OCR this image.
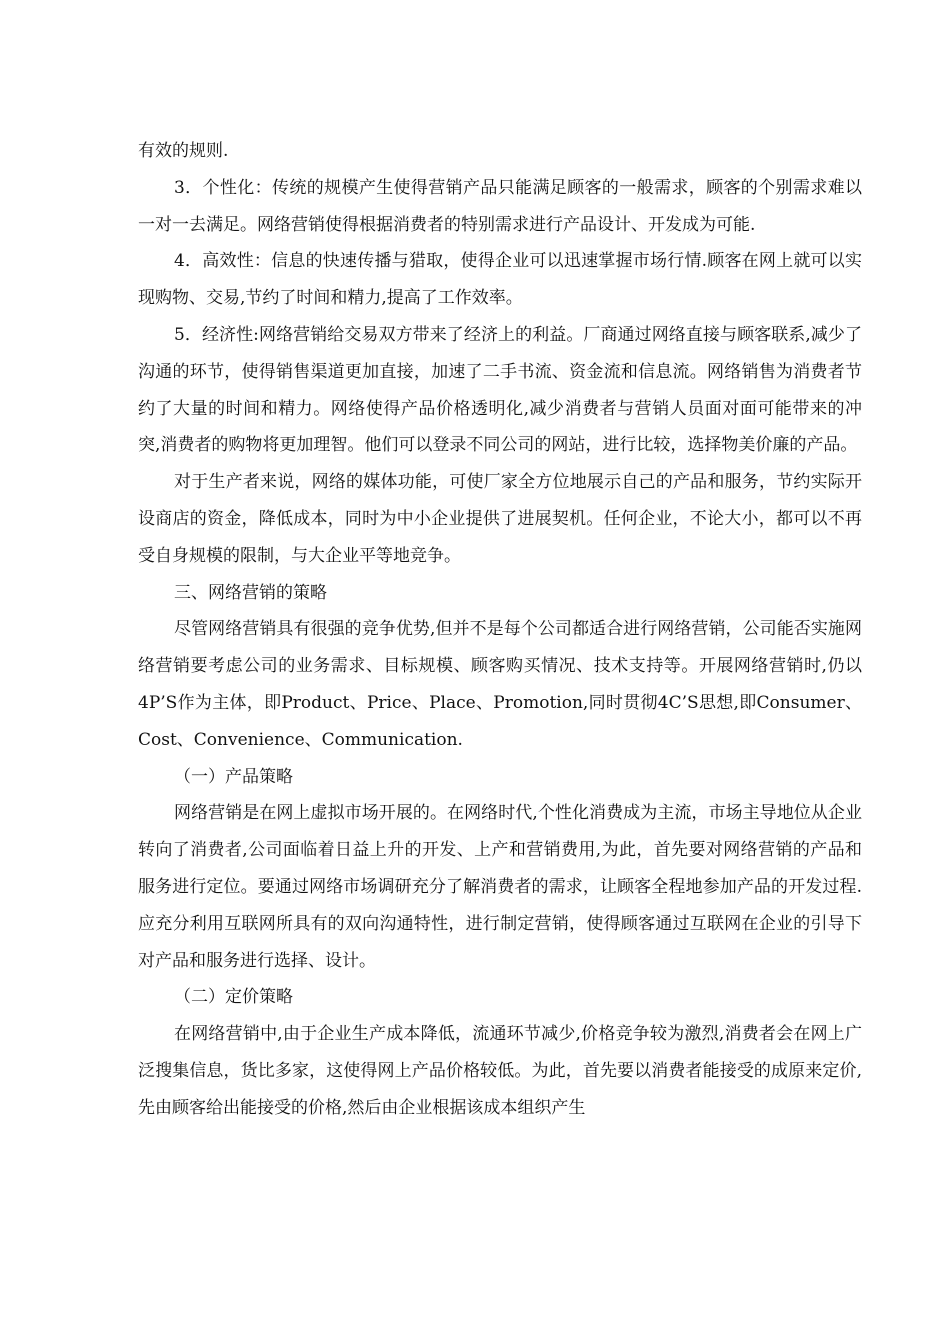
有效的规则.

3．个性化：传统的规模产生使得营销产品只能满足顾客的一般需求，顾客的个别需求难以一对一去满足。网络营销使得根据消费者的特别需求进行产品设计、开发成为可能.

4．高效性：信息的快速传播与猎取，使得企业可以迅速掌握市场行情.顾客在网上就可以实现购物、交易,节约了时间和精力,提高了工作效率。

5．经济性:网络营销给交易双方带来了经济上的利益。厂商通过网络直接与顾客联系,减少了沟通的环节，使得销售渠道更加直接，加速了二手书流、资金流和信息流。网络销售为消费者节约了大量的时间和精力。网络使得产品价格透明化,减少消费者与营销人员面对面可能带来的冲突,消费者的购物将更加理智。他们可以登录不同公司的网站，进行比较，选择物美价廉的产品。

对于生产者来说，网络的媒体功能，可使厂家全方位地展示自己的产品和服务，节约实际开设商店的资金，降低成本，同时为中小企业提供了进展契机。任何企业，不论大小，都可以不再受自身规模的限制，与大企业平等地竞争。

三、网络营销的策略

尽管网络营销具有很强的竞争优势,但并不是每个公司都适合进行网络营销，公司能否实施网络营销要考虑公司的业务需求、目标规模、顾客购买情况、技术支持等。开展网络营销时,仍以4P’S作为主体，即Product、Price、Place、Promotion,同时贯彻4C’S思想,即Consumer、Cost、Convenience、Communication.

（一）产品策略

网络营销是在网上虚拟市场开展的。在网络时代,个性化消费成为主流，市场主导地位从企业转向了消费者,公司面临着日益上升的开发、上产和营销费用,为此，首先要对网络营销的产品和服务进行定位。要通过网络市场调研充分了解消费者的需求，让顾客全程地参加产品的开发过程.应充分利用互联网所具有的双向沟通特性，进行制定营销，使得顾客通过互联网在企业的引导下对产品和服务进行选择、设计。

（二）定价策略

在网络营销中,由于企业生产成本降低，流通环节减少,价格竞争较为激烈,消费者会在网上广泛搜集信息，货比多家，这使得网上产品价格较低。为此，首先要以消费者能接受的成原来定价,先由顾客给出能接受的价格,然后由企业根据该成本组织产生
